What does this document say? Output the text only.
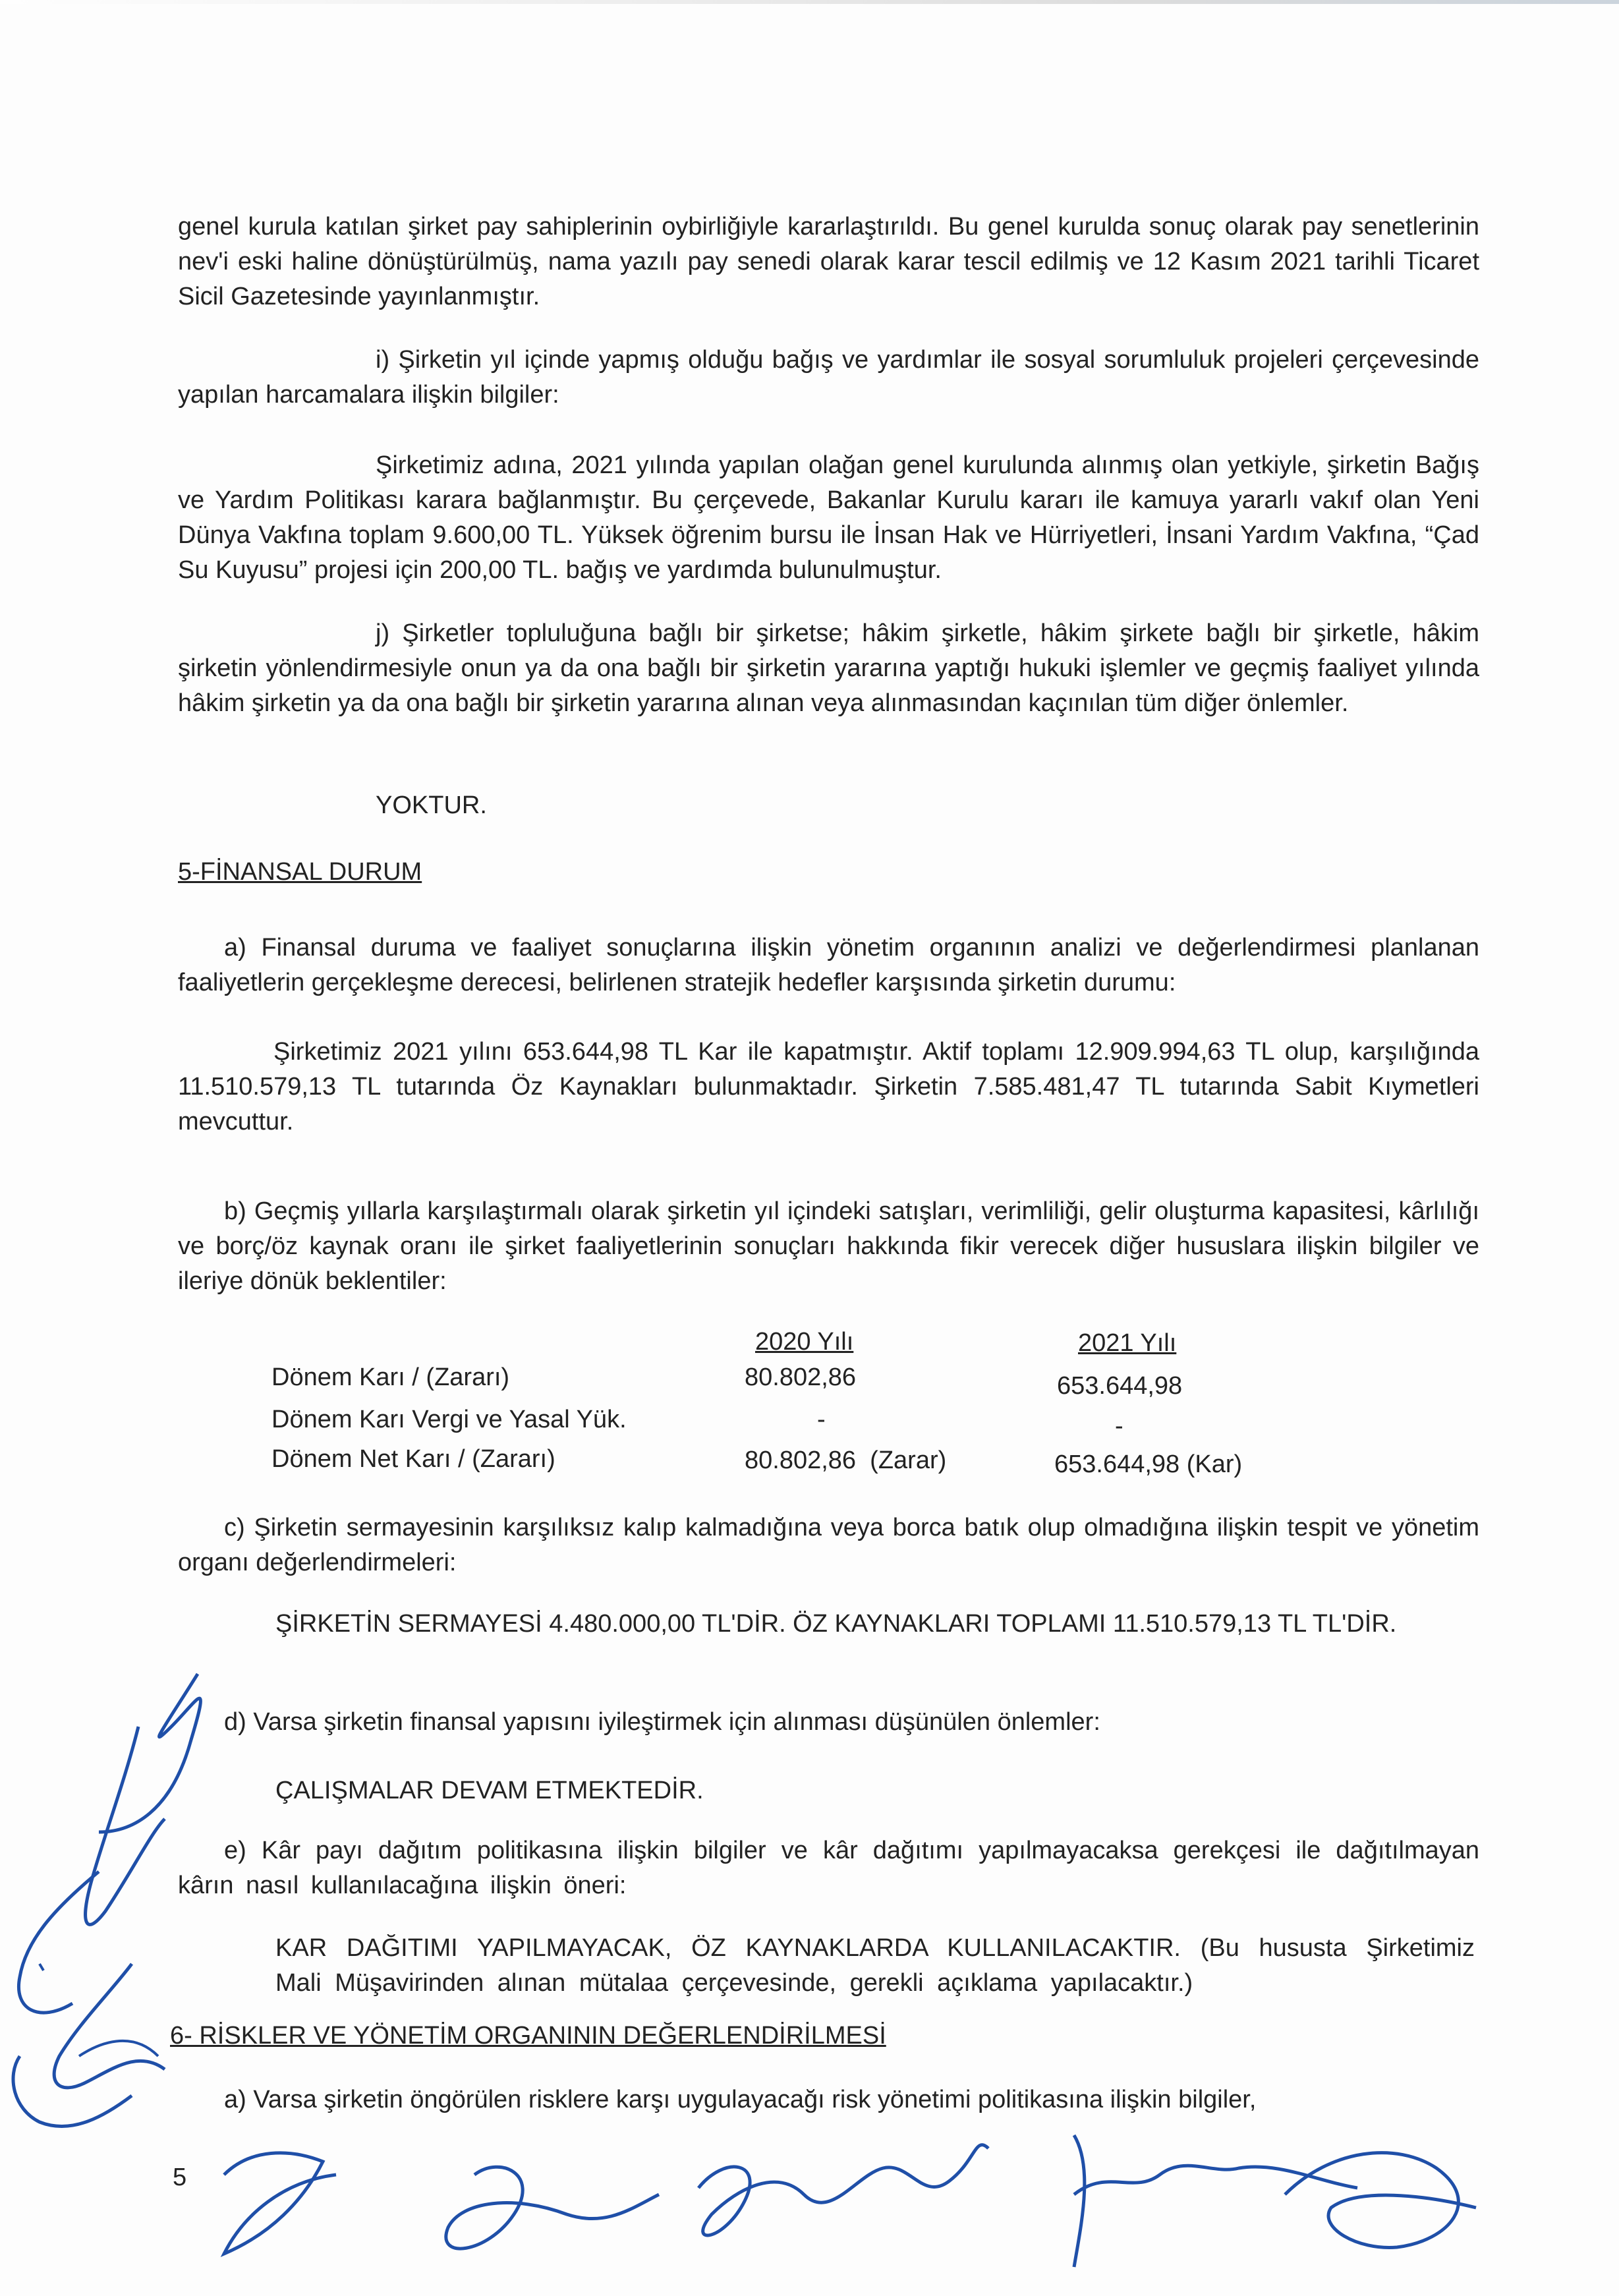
genel kurula katılan şirket pay sahiplerinin oybirliğiyle kararlaştırıldı. Bu genel kurulda sonuç olarak pay senetlerinin nev'i eski haline dönüştürülmüş, nama yazılı pay senedi olarak karar tescil edilmiş ve 12 Kasım 2021 tarihli Ticaret Sicil Gazetesinde yayınlanmıştır.
i) Şirketin yıl içinde yapmış olduğu bağış ve yardımlar ile sosyal sorumluluk projeleri çerçevesinde yapılan harcamalara ilişkin bilgiler:
Şirketimiz adına, 2021 yılında yapılan olağan genel kurulunda alınmış olan yetkiyle, şirketin Bağış ve Yardım Politikası karara bağlanmıştır. Bu çerçevede, Bakanlar Kurulu kararı ile kamuya yararlı vakıf olan Yeni Dünya Vakfına toplam 9.600,00 TL. Yüksek öğrenim bursu ile İnsan Hak ve Hürriyetleri, İnsani Yardım Vakfına, “Çad Su Kuyusu” projesi için 200,00 TL. bağış ve yardımda bulunulmuştur.
j) Şirketler topluluğuna bağlı bir şirketse; hâkim şirketle, hâkim şirkete bağlı bir şirketle, hâkim şirketin yönlendirmesiyle onun ya da ona bağlı bir şirketin yararına yaptığı hukuki işlemler ve geçmiş faaliyet yılında hâkim şirketin ya da ona bağlı bir şirketin yararına alınan veya alınmasından kaçınılan tüm diğer önlemler.
YOKTUR.
5-FİNANSAL DURUM
a) Finansal duruma ve faaliyet sonuçlarına ilişkin yönetim organının analizi ve değerlendirmesi planlanan faaliyetlerin gerçekleşme derecesi, belirlenen stratejik hedefler karşısında şirketin durumu:
Şirketimiz 2021 yılını 653.644,98 TL Kar ile kapatmıştır. Aktif toplamı 12.909.994,63 TL olup, karşılığında 11.510.579,13 TL tutarında Öz Kaynakları bulunmaktadır. Şirketin 7.585.481,47 TL tutarında Sabit Kıymetleri mevcuttur.
b) Geçmiş yıllarla karşılaştırmalı olarak şirketin yıl içindeki satışları, verimliliği, gelir oluşturma kapasitesi, kârlılığı ve borç/öz kaynak oranı ile şirket faaliyetlerinin sonuçları hakkında fikir verecek diğer hususlara ilişkin bilgiler ve ileriye dönük beklentiler:
2020 Yılı	2021 Yılı
Dönem Karı / (Zararı)	80.802,86	653.644,98
Dönem Karı Vergi ve Yasal Yük.	-	-
Dönem Net Karı / (Zararı)	80.802,86  (Zarar)	653.644,98 (Kar)
c) Şirketin sermayesinin karşılıksız kalıp kalmadığına veya borca batık olup olmadığına ilişkin tespit ve yönetim organı değerlendirmeleri:
ŞİRKETİN SERMAYESİ 4.480.000,00 TL'DİR. ÖZ KAYNAKLARI TOPLAMI 11.510.579,13 TL TL'DİR.
d) Varsa şirketin finansal yapısını iyileştirmek için alınması düşünülen önlemler:
ÇALIŞMALAR DEVAM ETMEKTEDİR.
e) Kâr payı dağıtım politikasına ilişkin bilgiler ve kâr dağıtımı yapılmayacaksa gerekçesi ile dağıtılmayan kârın nasıl kullanılacağına ilişkin öneri:
KAR DAĞITIMI YAPILMAYACAK, ÖZ KAYNAKLARDA KULLANILACAKTIR. (Bu hususta Şirketimiz Mali Müşavirinden alınan mütalaa çerçevesinde, gerekli açıklama yapılacaktır.)
6- RİSKLER VE YÖNETİM ORGANININ DEĞERLENDİRİLMESİ
a) Varsa şirketin öngörülen risklere karşı uygulayacağı risk yönetimi politikasına ilişkin bilgiler,
5
